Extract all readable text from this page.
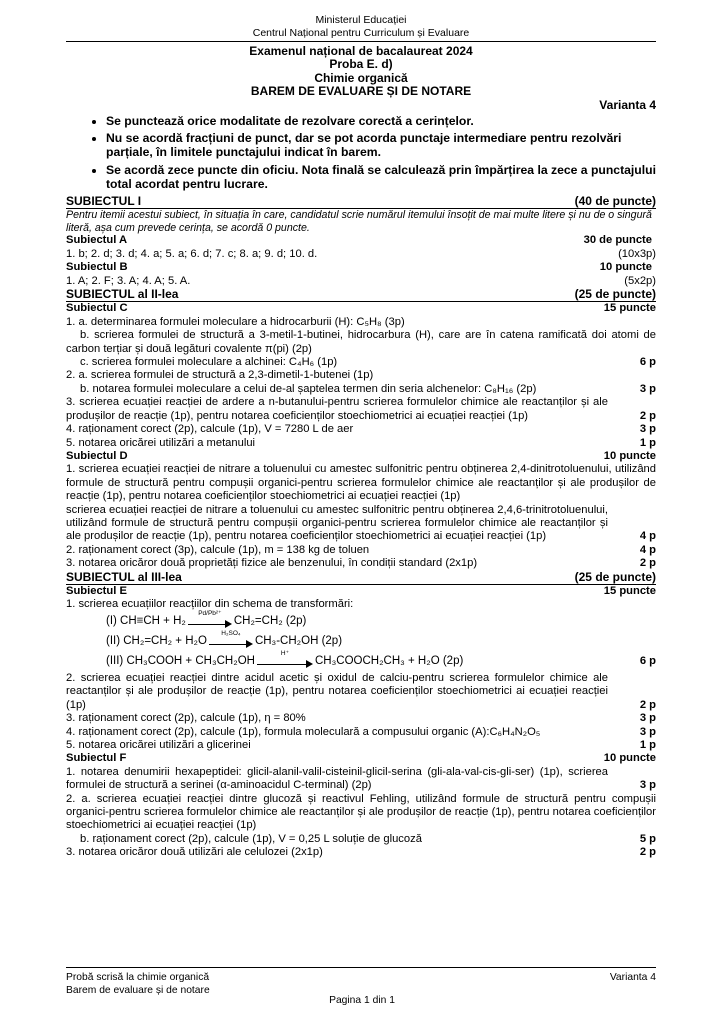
Ministerul Educației
Centrul Național pentru Curriculum și Evaluare
Examenul național de bacalaureat 2024
Proba E. d)
Chimie organică
BAREM DE EVALUARE ȘI DE NOTARE
Varianta 4
• Se punctează orice modalitate de rezolvare corectă a cerințelor.
• Nu se acordă fracțiuni de punct, dar se pot acorda punctaje intermediare pentru rezolvări parțiale, în limitele punctajului indicat în barem.
• Se acordă zece puncte din oficiu. Nota finală se calculează prin împărțirea la zece a punctajului total acordat pentru lucrare.
SUBIECTUL I	(40 de puncte)
Pentru itemii acestui subiect, în situația în care, candidatul scrie numărul itemului însoțit de mai multe litere și nu de o singură literă, așa cum prevede cerința, se acordă 0 puncte.
Subiectul A	30 de puncte
1. b; 2. d; 3. d; 4. a; 5. a; 6. d; 7. c; 8. a; 9. d; 10. d.	(10x3p)
Subiectul B	10 puncte
1. A; 2. F; 3. A; 4. A; 5. A.	(5x2p)
SUBIECTUL al II-lea	(25 de puncte)
Subiectul C	15 puncte
1. a. determinarea formulei moleculare a hidrocarburii (H): C₅H₈ (3p)
b. scrierea formulei de structură a 3-metil-1-butinei, hidrocarbura (H), care are în catena ramificată doi atomi de carbon terțiar și două legături covalente π(pi) (2p)
c. scrierea formulei moleculare a alchinei: C₄H₆ (1p)	6 p
2. a. scrierea formulei de structură a 2,3-dimetil-1-butenei (1p)
b. notarea formulei moleculare a celui de-al șaptelea termen din seria alchenelor: C₈H₁₆ (2p)	3 p
3. scrierea ecuației reacției de ardere a n-butanului-pentru scrierea formulelor chimice ale reactanților și ale produșilor de reacție (1p), pentru notarea coeficienților stoechiometrici ai ecuației reacției (1p)	2 p
4. raționament corect (2p), calcule (1p), V = 7280 L de aer	3 p
5. notarea oricărei utilizări a metanului	1 p
Subiectul D	10 puncte
1. scrierea ecuației reacției de nitrare a toluenului cu amestec sulfonitric pentru obținerea 2,4-dinitrotoluenului, utilizând formule de structură pentru compușii organici-pentru scrierea formulelor chimice ale reactanților și ale produșilor de reacție (1p), pentru notarea coeficienților stoechiometrici ai ecuației reacției (1p)
scrierea ecuației reacției de nitrare a toluenului cu amestec sulfonitric pentru obținerea 2,4,6-trinitrotoluenului, utilizând formule de structură pentru compușii organici-pentru scrierea formulelor chimice ale reactanților și ale produșilor de reacție (1p), pentru notarea coeficienților stoechiometrici ai ecuației reacției (1p)	4 p
2. raționament corect (3p), calcule (1p), m = 138 kg de toluen	4 p
3. notarea oricăror două proprietăți fizice ale benzenului, în condiții standard (2x1p)	2 p
SUBIECTUL al III-lea	(25 de puncte)
Subiectul E	15 puncte
1. scrierea ecuațiilor reacțiilor din schema de transformări:
(I) CH≡CH + H₂
Pd/Pb²⁺
CH₂=CH₂ (2p)
(II) CH₂=CH₂ + H₂O
H₂SO₄
CH₃-CH₂OH (2p)
(III) CH₃COOH + CH₃CH₂OH
H⁺
CH₃COOCH₂CH₃ + H₂O (2p)	6 p
2. scrierea ecuației reacției dintre acidul acetic și oxidul de calciu-pentru scrierea formulelor chimice ale reactanților și ale produșilor de reacție (1p), pentru notarea coeficienților stoechiometrici ai ecuației reacției (1p)	2 p
3. raționament corect (2p), calcule (1p), η = 80%	3 p
4. raționament corect (2p), calcule (1p), formula moleculară a compusului organic (A):C₆H₄N₂O₅	3 p
5. notarea oricărei utilizări a glicerinei	1 p
Subiectul F	10 puncte
1. notarea denumirii hexapeptidei: glicil-alanil-valil-cisteinil-glicil-serina (gli-ala-val-cis-gli-ser) (1p), scrierea formulei de structură a serinei (α-aminoacidul C-terminal) (2p)	3 p
2. a. scrierea ecuației reacției dintre glucoză și reactivul Fehling, utilizând formule de structură pentru compușii organici-pentru scrierea formulelor chimice ale reactanților și ale produșilor de reacție (1p), pentru notarea coeficienților stoechiometrici ai ecuației reacției (1p)
b. raționament corect (2p), calcule (1p), V = 0,25 L soluție de glucoză	5 p
3. notarea oricăror două utilizări ale celulozei (2x1p)	2 p
Probă scrisă la chimie organică	Varianta 4
Barem de evaluare și de notare
Pagina 1 din 1
